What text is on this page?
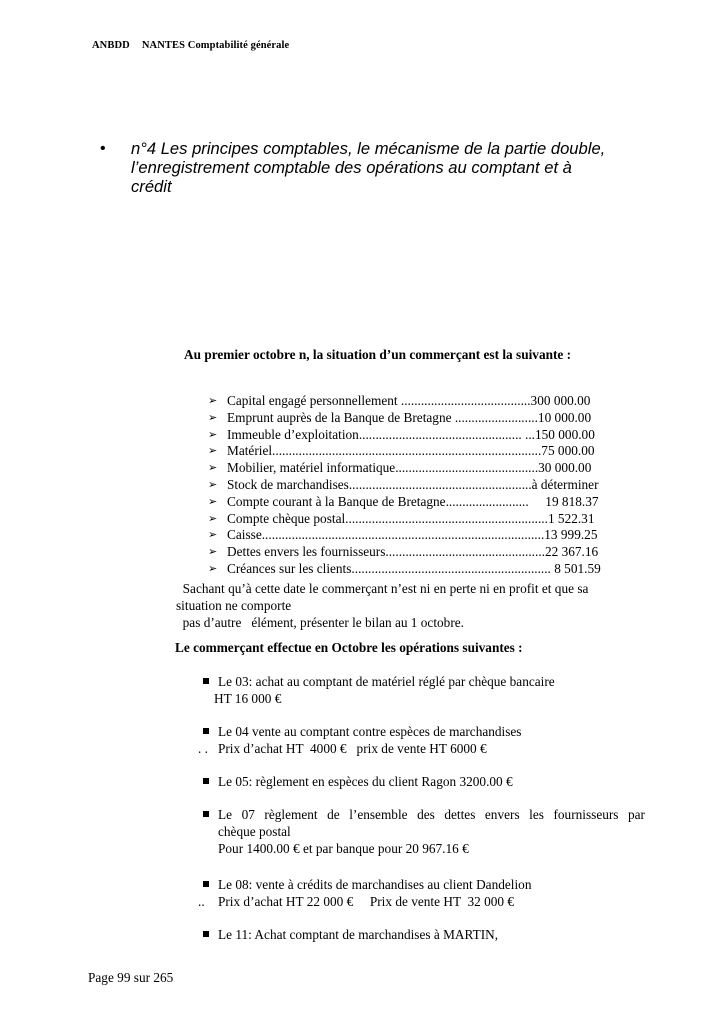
ANBDD NANTES Comptabilité générale
• n°4 Les principes comptables, le mécanisme de la partie double,
l’enregistrement comptable des opérations au comptant et à
crédit
Au premier octobre n, la situation d’un commerçant est la suivante :
➢ Capital engagé personnellement .......................................300 000.00
➢ Emprunt auprès de la Banque de Bretagne .........................10 000.00
➢ Immeuble d’exploitation................................................. ...150 000.00
➢ Matériel.................................................................................75 000.00
➢ Mobilier, matériel informatique...........................................30 000.00
➢ Stock de marchandises.......................................................à déterminer
➢ Compte courant à la Banque de Bretagne.........................     19 818.37
➢ Compte chèque postal.............................................................1 522.31
➢ Caisse.....................................................................................13 999.25
➢ Dettes envers les fournisseurs................................................22 367.16
➢ Créances sur les clients............................................................ 8 501.59
Sachant qu’à cette date le commerçant n’est ni en perte ni en profit et que sa
situation ne comporte
pas d’autre   élément, présenter le bilan au 1 octobre.
Le commerçant effectue en Octobre les opérations suivantes :
Le 03: achat au comptant de matériel réglé par chèque bancaire
HT 16 000 €
Le 04 vente au comptant contre espèces de marchandises
. .   Prix d’achat HT  4000 €   prix de vente HT 6000 €
Le 05: règlement en espèces du client Ragon 3200.00 €
Le 07 règlement de l’ensemble des dettes envers les fournisseurs par
chèque postal
Pour 1400.00 € et par banque pour 20 967.16 €
Le 08: vente à crédits de marchandises au client Dandelion
..    Prix d’achat HT 22 000 €     Prix de vente HT  32 000 €
Le 11: Achat comptant de marchandises à MARTIN,
Page 99 sur 265
